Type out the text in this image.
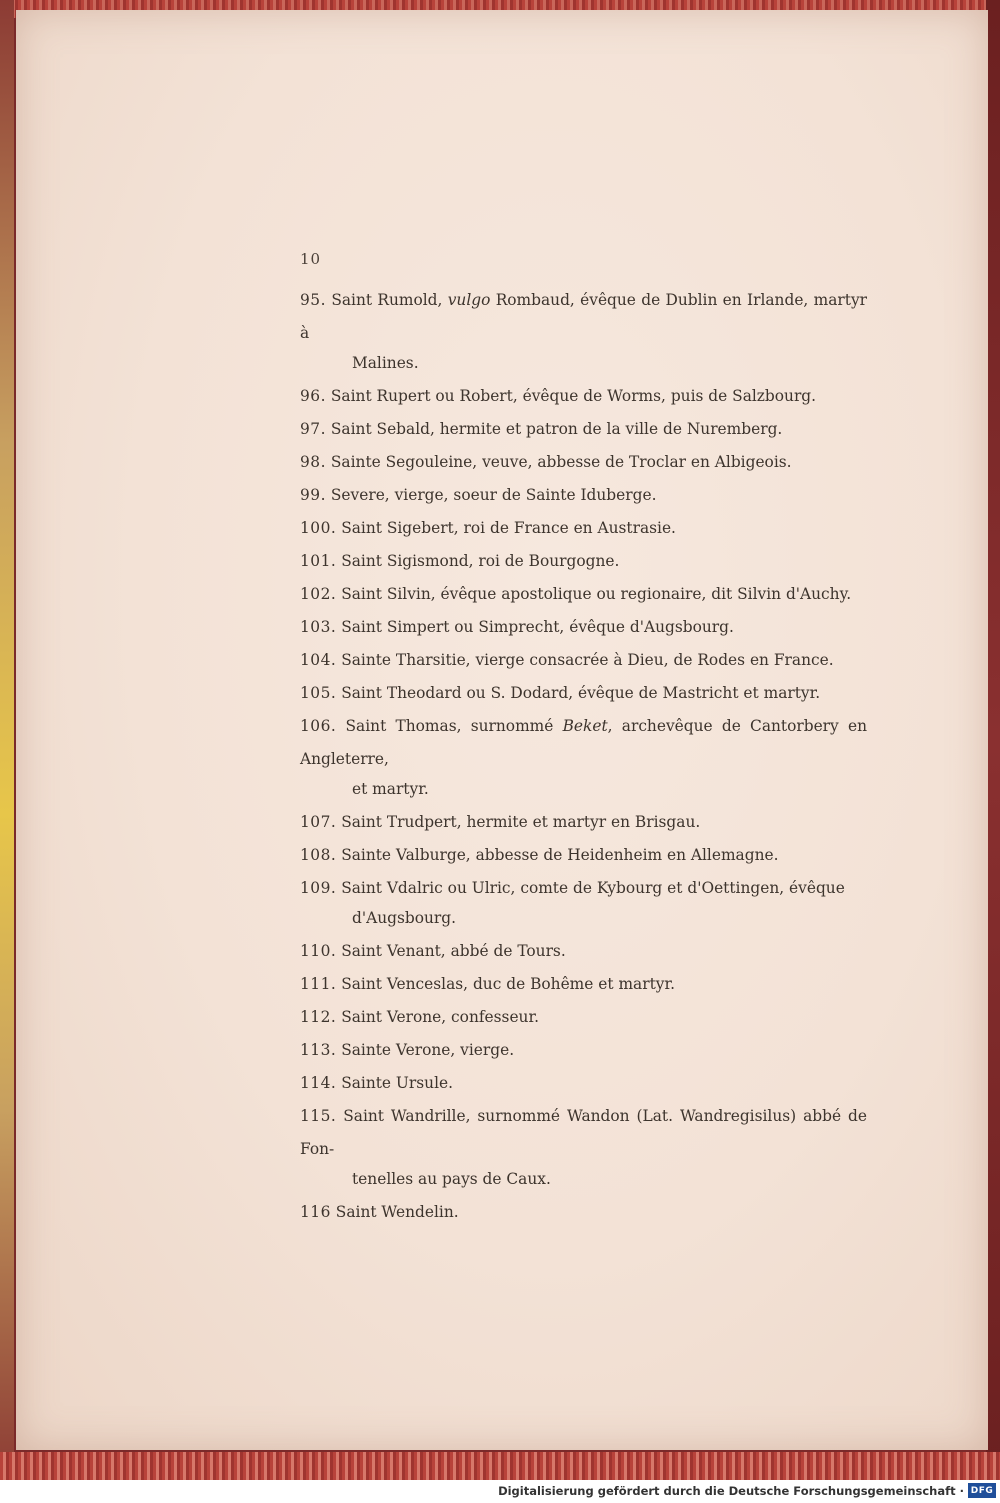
10
95. Saint Rumold, vulgo Rombaud, évêque de Dublin en Irlande, martyr à
Malines.
96. Saint Rupert ou Robert, évêque de Worms, puis de Salzbourg.
97. Saint Sebald, hermite et patron de la ville de Nuremberg.
98. Sainte Segouleine, veuve, abbesse de Troclar en Albigeois.
99. Severe, vierge, soeur de Sainte Iduberge.
100. Saint Sigebert, roi de France en Austrasie.
101. Saint Sigismond, roi de Bourgogne.
102. Saint Silvin, évêque apostolique ou regionaire, dit Silvin d'Auchy.
103. Saint Simpert ou Simprecht, évêque d'Augsbourg.
104. Sainte Tharsitie, vierge consacrée à Dieu, de Rodes en France.
105. Saint Theodard ou S. Dodard, évêque de Mastricht et martyr.
106. Saint Thomas, surnommé Beket, archevêque de Cantorbery en Angleterre,
et martyr.
107. Saint Trudpert, hermite et martyr en Brisgau.
108. Sainte Valburge, abbesse de Heidenheim en Allemagne.
109. Saint Vdalric ou Ulric, comte de Kybourg et d'Oettingen, évêque
d'Augsbourg.
110. Saint Venant, abbé de Tours.
111. Saint Venceslas, duc de Bohême et martyr.
112. Saint Verone, confesseur.
113. Sainte Verone, vierge.
114. Sainte Ursule.
115. Saint Wandrille, surnommé Wandon (Lat. Wandregisilus) abbé de Fon-
tenelles au pays de Caux.
116 Saint Wendelin.
Digitalisierung gefördert durch die Deutsche Forschungsgemeinschaft · DFG
